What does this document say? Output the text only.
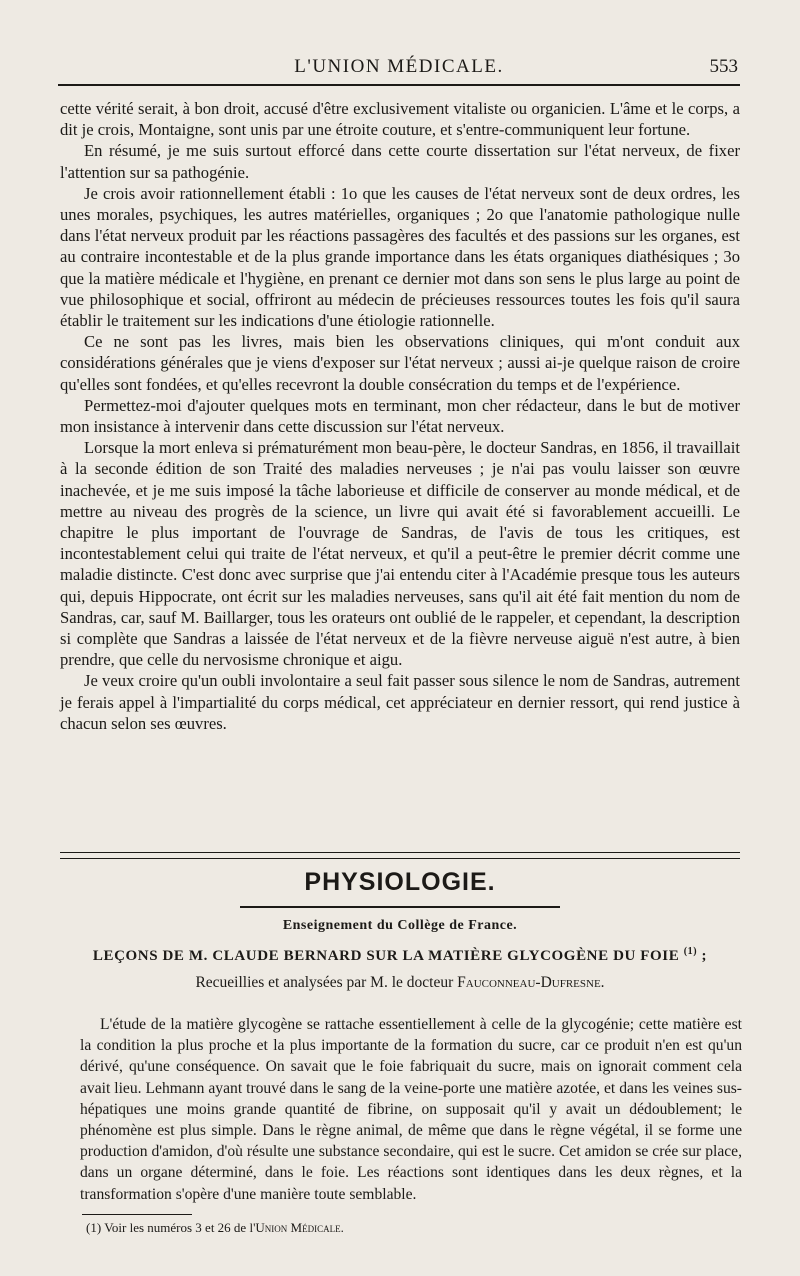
L'UNION MÉDICALE.	553

cette vérité serait, à bon droit, accusé d'être exclusivement vitaliste ou organicien. L'âme et le corps, a dit je crois, Montaigne, sont unis par une étroite couture, et s'entre-communiquent leur fortune.

En résumé, je me suis surtout efforcé dans cette courte dissertation sur l'état nerveux, de fixer l'attention sur sa pathogénie.

Je crois avoir rationnellement établi : 1o que les causes de l'état nerveux sont de deux ordres, les unes morales, psychiques, les autres matérielles, organiques ; 2o que l'anatomie pathologique nulle dans l'état nerveux produit par les réactions passagères des facultés et des passions sur les organes, est au contraire incontestable et de la plus grande importance dans les états organiques diathésiques ; 3o que la matière médicale et l'hygiène, en prenant ce dernier mot dans son sens le plus large au point de vue philosophique et social, offriront au médecin de précieuses ressources toutes les fois qu'il saura établir le traitement sur les indications d'une étiologie rationnelle.

Ce ne sont pas les livres, mais bien les observations cliniques, qui m'ont conduit aux considérations générales que je viens d'exposer sur l'état nerveux ; aussi ai-je quelque raison de croire qu'elles sont fondées, et qu'elles recevront la double consécration du temps et de l'expérience.

Permettez-moi d'ajouter quelques mots en terminant, mon cher rédacteur, dans le but de motiver mon insistance à intervenir dans cette discussion sur l'état nerveux.

Lorsque la mort enleva si prématurément mon beau-père, le docteur Sandras, en 1856, il travaillait à la seconde édition de son Traité des maladies nerveuses ; je n'ai pas voulu laisser son œuvre inachevée, et je me suis imposé la tâche laborieuse et difficile de conserver au monde médical, et de mettre au niveau des progrès de la science, un livre qui avait été si favorablement accueilli. Le chapitre le plus important de l'ouvrage de Sandras, de l'avis de tous les critiques, est incontestablement celui qui traite de l'état nerveux, et qu'il a peut-être le premier décrit comme une maladie distincte. C'est donc avec surprise que j'ai entendu citer à l'Académie presque tous les auteurs qui, depuis Hippocrate, ont écrit sur les maladies nerveuses, sans qu'il ait été fait mention du nom de Sandras, car, sauf M. Baillarger, tous les orateurs ont oublié de le rappeler, et cependant, la description si complète que Sandras a laissée de l'état nerveux et de la fièvre nerveuse aiguë n'est autre, à bien prendre, que celle du nervosisme chronique et aigu.

Je veux croire qu'un oubli involontaire a seul fait passer sous silence le nom de Sandras, autrement je ferais appel à l'impartialité du corps médical, cet appréciateur en dernier ressort, qui rend justice à chacun selon ses œuvres.

PHYSIOLOGIE.
Enseignement du Collège de France.
LEÇONS DE M. CLAUDE BERNARD SUR LA MATIÈRE GLYCOGÈNE DU FOIE $^{(1)}$ ;
Recueillies et analysées par M. le docteur Fauconneau-Dufresne.

L'étude de la matière glycogène se rattache essentiellement à celle de la glycogénie; cette matière est la condition la plus proche et la plus importante de la formation du sucre, car ce produit n'en est qu'un dérivé, qu'une conséquence. On savait que le foie fabriquait du sucre, mais on ignorait comment cela avait lieu. Lehmann ayant trouvé dans le sang de la veine-porte une matière azotée, et dans les veines sus-hépatiques une moins grande quantité de fibrine, on supposait qu'il y avait un dédoublement; le phénomène est plus simple. Dans le règne animal, de même que dans le règne végétal, il se forme une production d'amidon, d'où résulte une substance secondaire, qui est le sucre. Cet amidon se crée sur place, dans un organe déterminé, dans le foie. Les réactions sont identiques dans les deux règnes, et la transformation s'opère d'une manière toute semblable.

(1) Voir les numéros 3 et 26 de l'Union Médicale.
